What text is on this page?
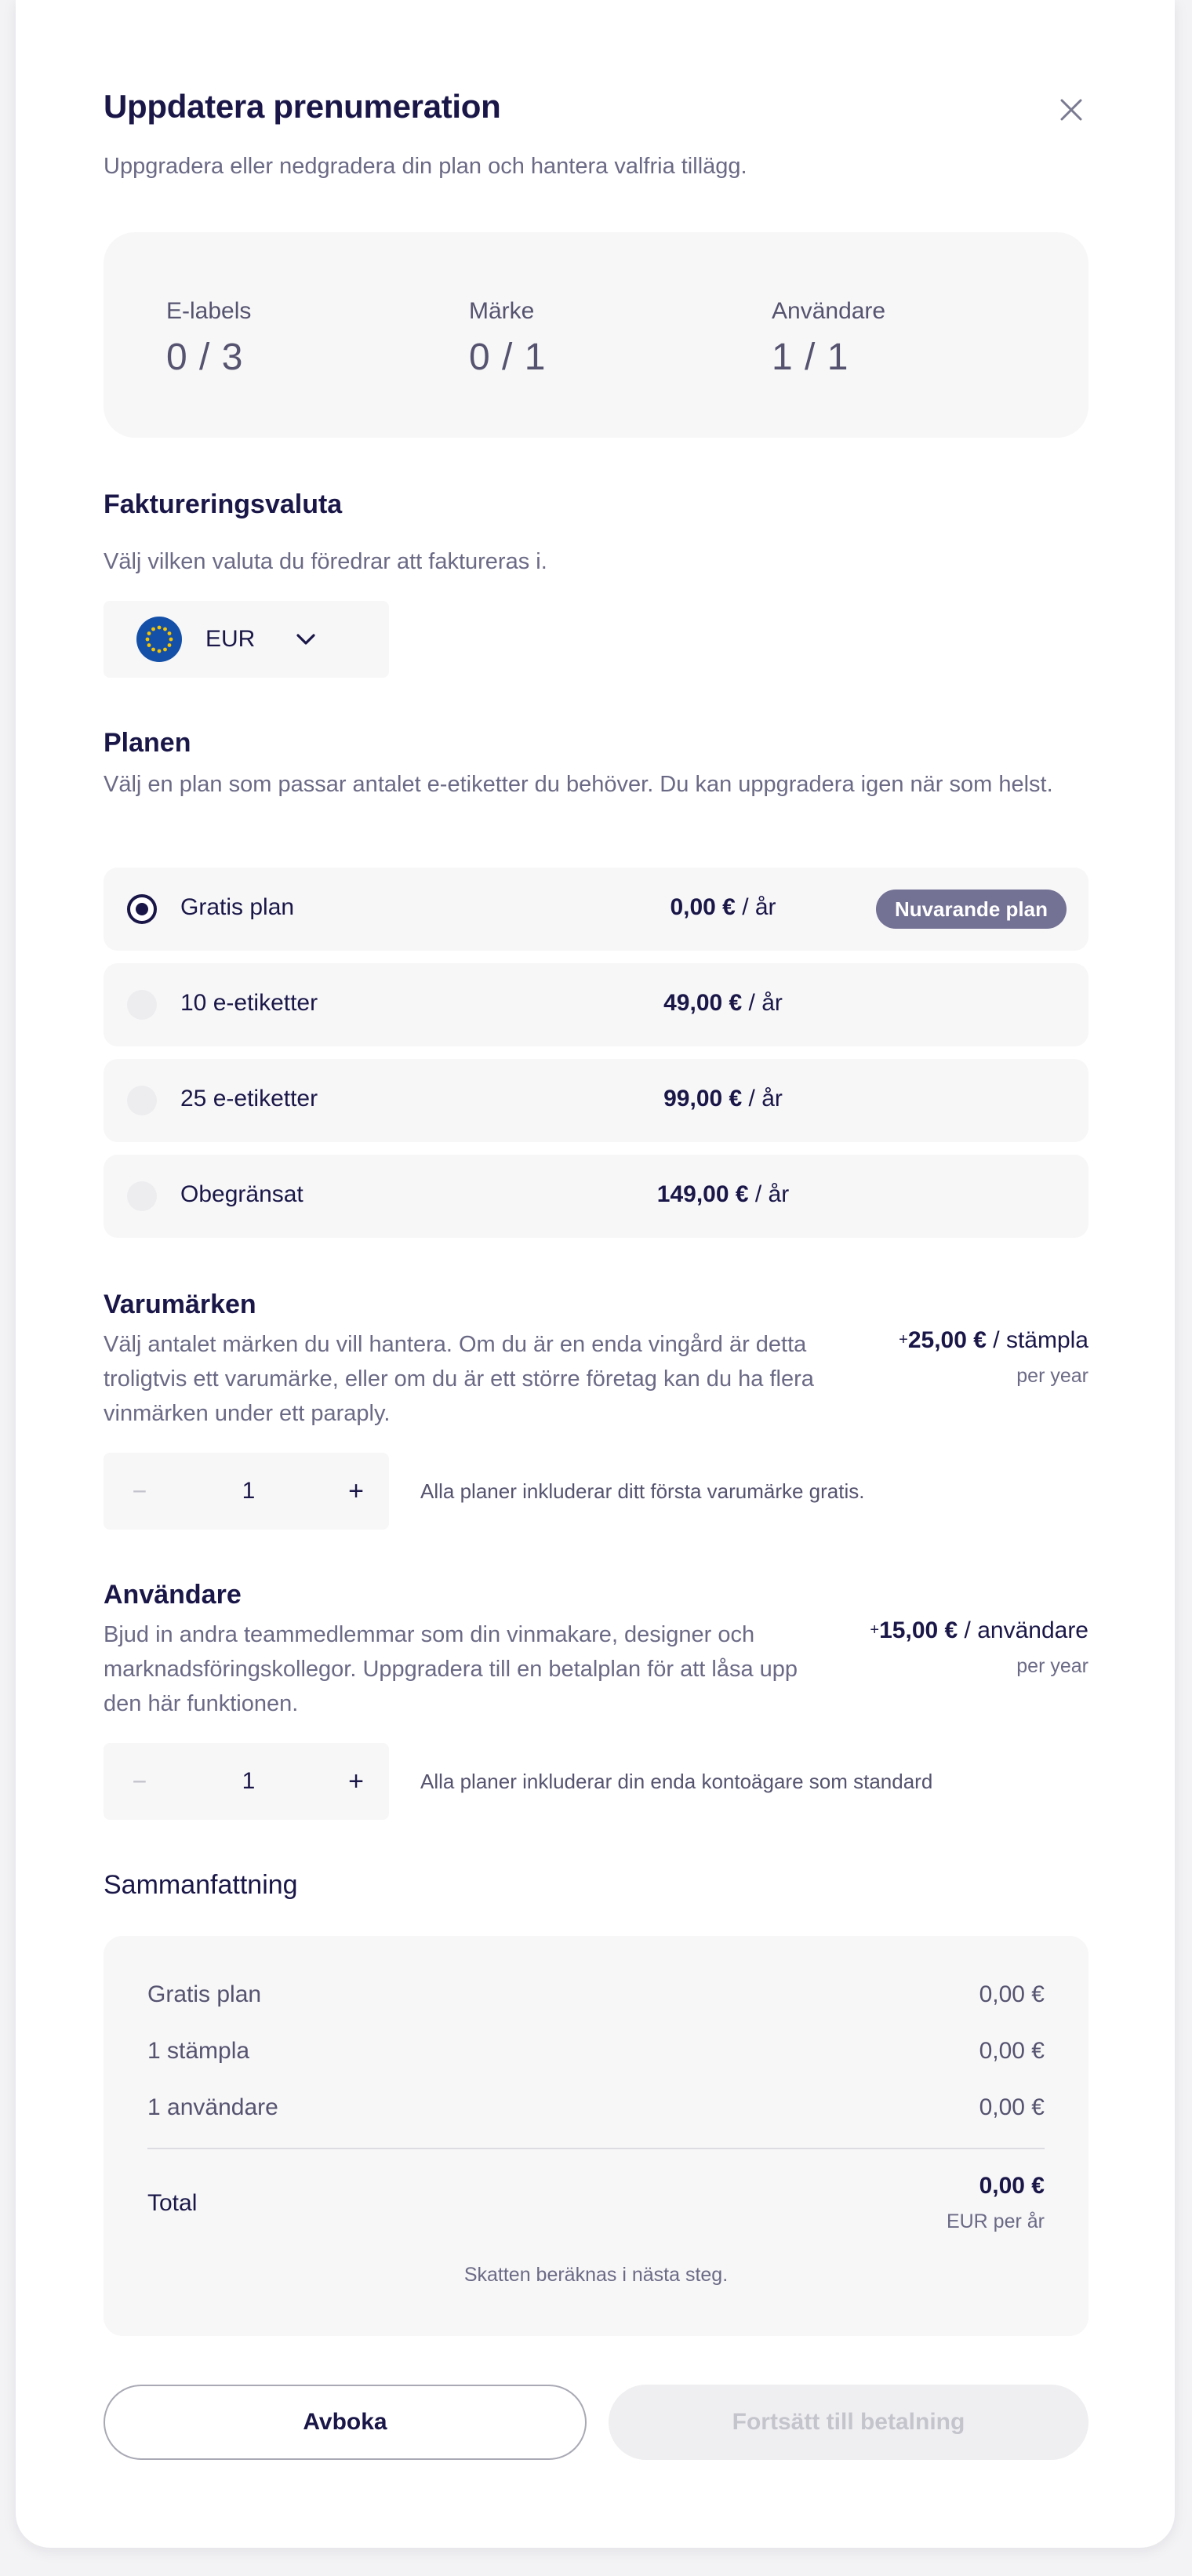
Uppdatera prenumeration
Uppgradera eller nedgradera din plan och hantera valfria tillägg.
E-labels
0 / 3
Märke
0 / 1
Användare
1 / 1
Faktureringsvaluta
Välj vilken valuta du föredrar att faktureras i.
EUR
Planen
Välj en plan som passar antalet e-etiketter du behöver. Du kan uppgradera igen när som helst.
Gratis plan	0,00 € / år	Nuvarande plan
10 e-etiketter	49,00 € / år
25 e-etiketter	99,00 € / år
Obegränsat	149,00 € / år
Varumärken
Välj antalet märken du vill hantera. Om du är en enda vingård är detta troligtvis ett varumärke, eller om du är ett större företag kan du ha flera vinmärken under ett paraply.
+25,00 € / stämpla
per year
−	1	+	Alla planer inkluderar ditt första varumärke gratis.
Användare
Bjud in andra teammedlemmar som din vinmakare, designer och marknadsföringskollegor. Uppgradera till en betalplan för att låsa upp den här funktionen.
+15,00 € / användare
per year
−	1	+	Alla planer inkluderar din enda kontoägare som standard
Sammanfattning
Gratis plan	0,00 €
1 stämpla	0,00 €
1 användare	0,00 €
Total
0,00 €
EUR per år
Skatten beräknas i nästa steg.
Avboka	Fortsätt till betalning
